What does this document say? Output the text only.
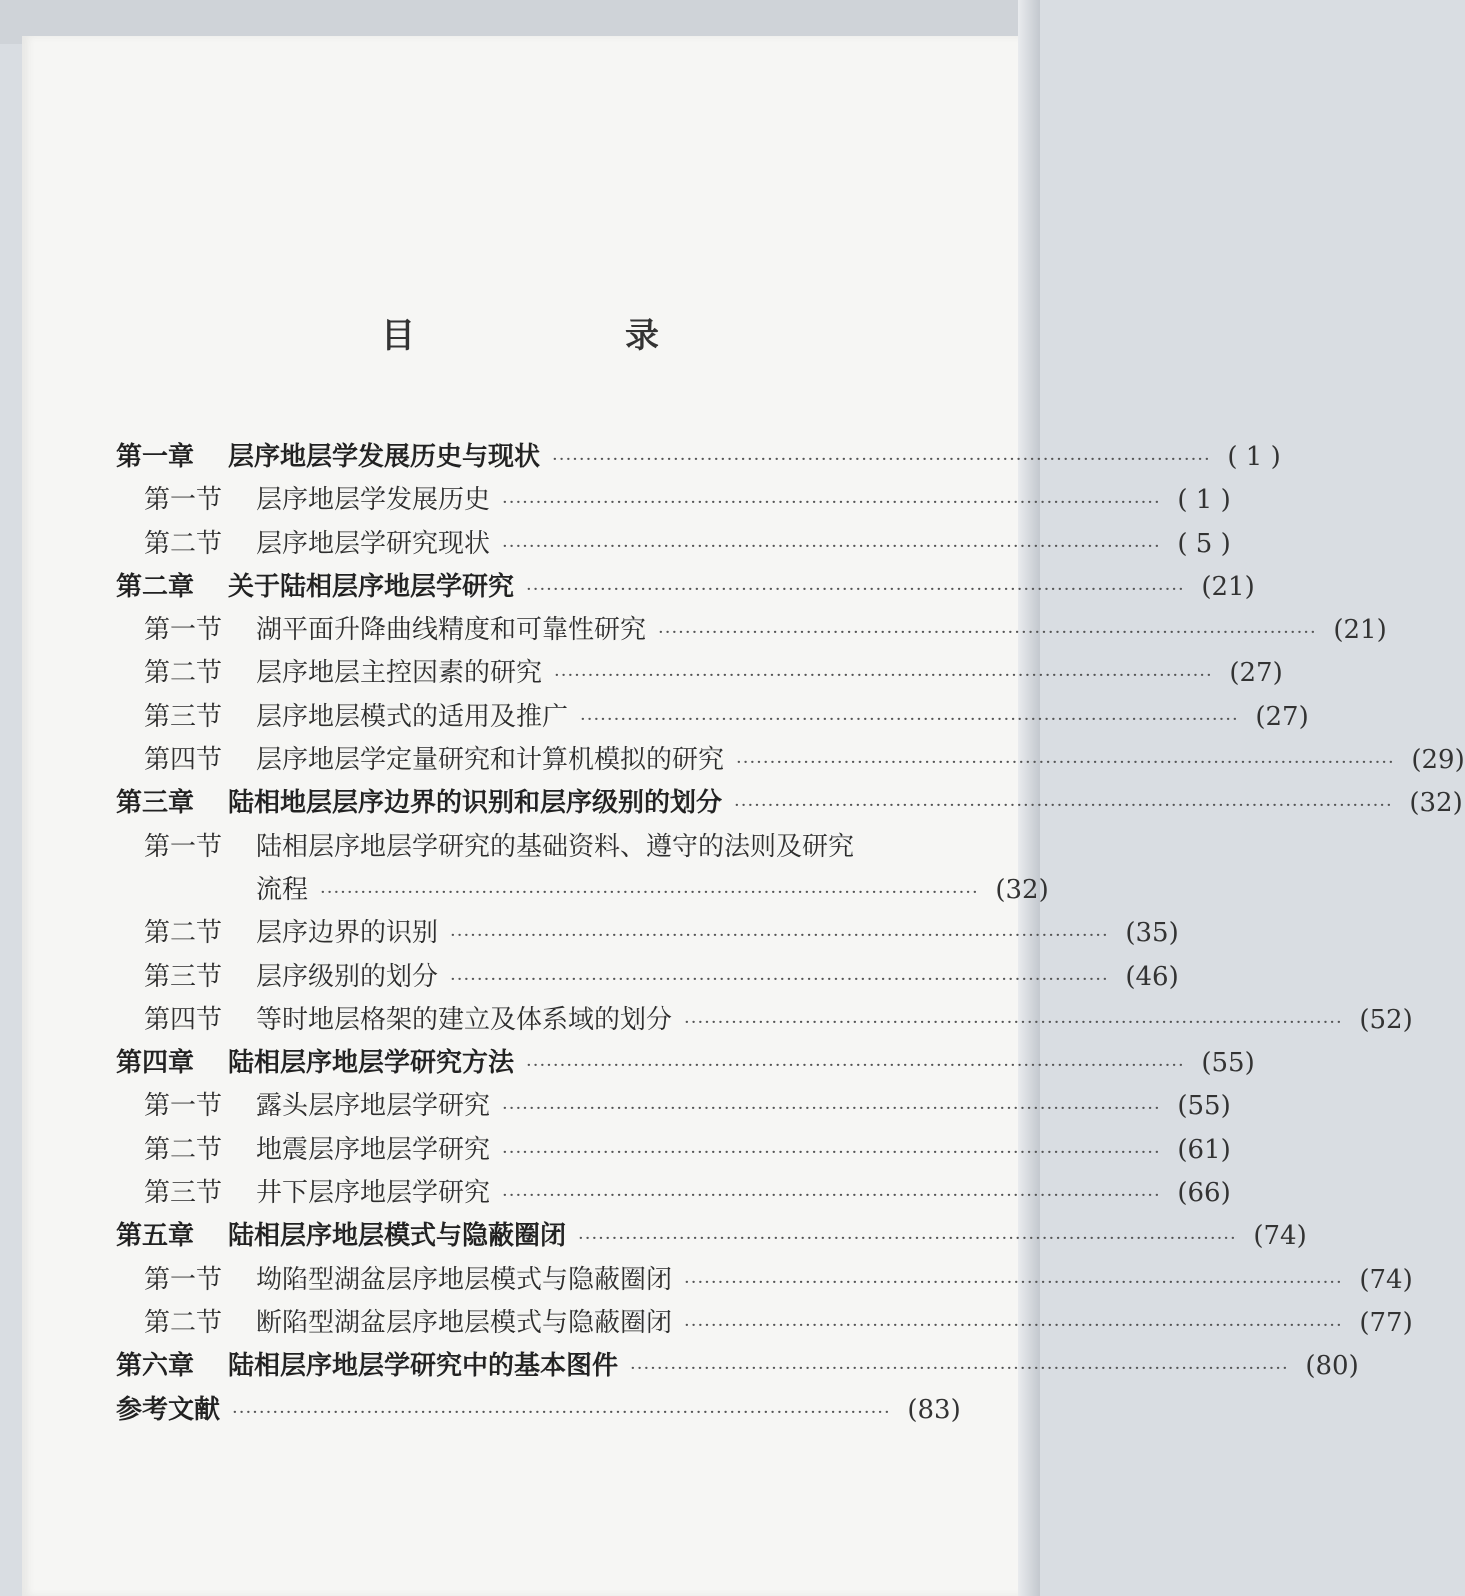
目　录
第一章	层序地层学发展历史与现状 ·································································································· ( 1 )
第一节	层序地层学发展历史 ·································································································· ( 1 )
第二节	层序地层学研究现状 ·································································································· ( 5 )
第二章	关于陆相层序地层学研究 ·································································································· (21)
第一节	湖平面升降曲线精度和可靠性研究 ·································································································· (21)
第二节	层序地层主控因素的研究 ·································································································· (27)
第三节	层序地层模式的适用及推广 ·································································································· (27)
第四节	层序地层学定量研究和计算机模拟的研究 ·································································································· (29)
第三章	陆相地层层序边界的识别和层序级别的划分 ·································································································· (32)
第一节	陆相层序地层学研究的基础资料、遵守的法则及研究
流程 ·································································································· (32)
第二节	层序边界的识别 ·································································································· (35)
第三节	层序级别的划分 ·································································································· (46)
第四节	等时地层格架的建立及体系域的划分 ·································································································· (52)
第四章	陆相层序地层学研究方法 ·································································································· (55)
第一节	露头层序地层学研究 ·································································································· (55)
第二节	地震层序地层学研究 ·································································································· (61)
第三节	井下层序地层学研究 ·································································································· (66)
第五章	陆相层序地层模式与隐蔽圈闭 ·································································································· (74)
第一节	坳陷型湖盆层序地层模式与隐蔽圈闭 ·································································································· (74)
第二节	断陷型湖盆层序地层模式与隐蔽圈闭 ·································································································· (77)
第六章	陆相层序地层学研究中的基本图件 ·································································································· (80)
参考文献 ·································································································· (83)
